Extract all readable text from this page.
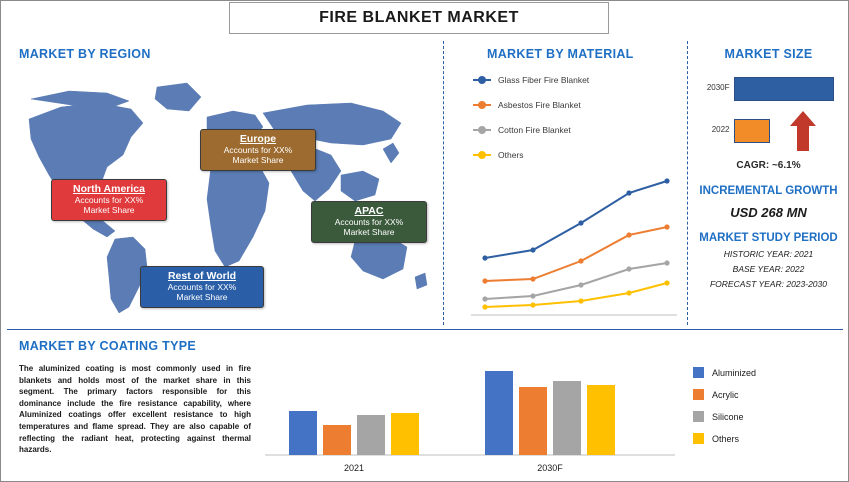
FIRE BLANKET MARKET
MARKET BY REGION
North America
Accounts for XX%
Market Share
Europe
Accounts for XX%
Market Share
APAC
Accounts for XX%
Market Share
Rest of World
Accounts for XX%
Market Share
MARKET BY MATERIAL
Glass Fiber Fire Blanket
Asbestos Fire Blanket
Cotton Fire Blanket
Others
MARKET SIZE
2030F
2022
CAGR: ~6.1%
INCREMENTAL GROWTH
USD 268 MN
MARKET STUDY PERIOD
HISTORIC YEAR: 2021
BASE YEAR: 2022
FORECAST YEAR: 2023-2030
MARKET BY COATING TYPE

The aluminized coating is most commonly used in fire blankets and holds most of the market share in this segment. The primary factors responsible for this dominance include the fire resistance capability, where Aluminized coatings offer excellent resistance to high temperatures and flame spread. They are also capable of reflecting the radiant heat, protecting against thermal hazards.

2021	2030F
Aluminized
Acrylic
Silicone
Others
